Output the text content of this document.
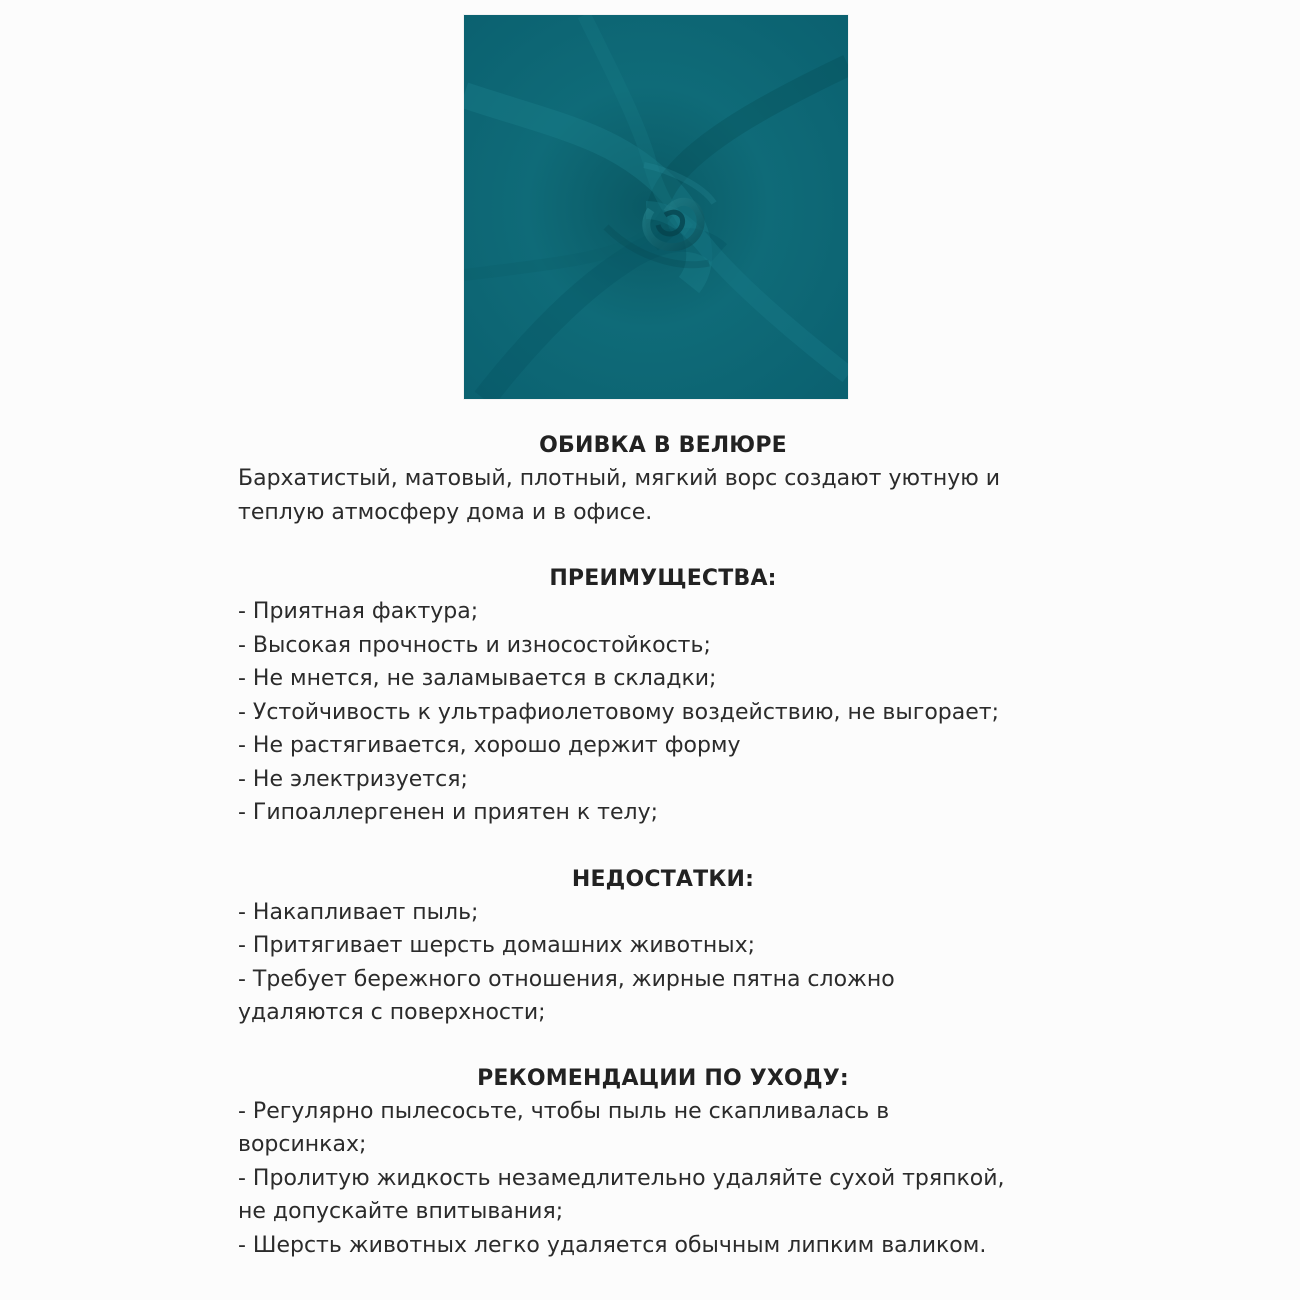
ОБИВКА В ВЕЛЮРЕ

Бархатистый, матовый, плотный, мягкий ворс создают уютную и

теплую атмосферу дома и в офисе.

ПРЕИМУЩЕСТВА:
- Приятная фактура;
- Высокая прочность и износостойкость;
- Не мнется, не заламывается в складки;
- Устойчивость к ультрафиолетовому воздействию, не выгорает;
- Не растягивается, хорошо держит форму
- Не электризуется;
- Гипоаллергенен и приятен к телу;
НЕДОСТАТКИ:
- Накапливает пыль;
- Притягивает шерсть домашних животных;
- Требует бережного отношения, жирные пятна сложно
удаляются с поверхности;
РЕКОМЕНДАЦИИ ПО УХОДУ:
- Регулярно пылесосьте, чтобы пыль не скапливалась в
ворсинках;
- Пролитую жидкость незамедлительно удаляйте сухой тряпкой,
не допускайте впитывания;
- Шерсть животных легко удаляется обычным липким валиком.
